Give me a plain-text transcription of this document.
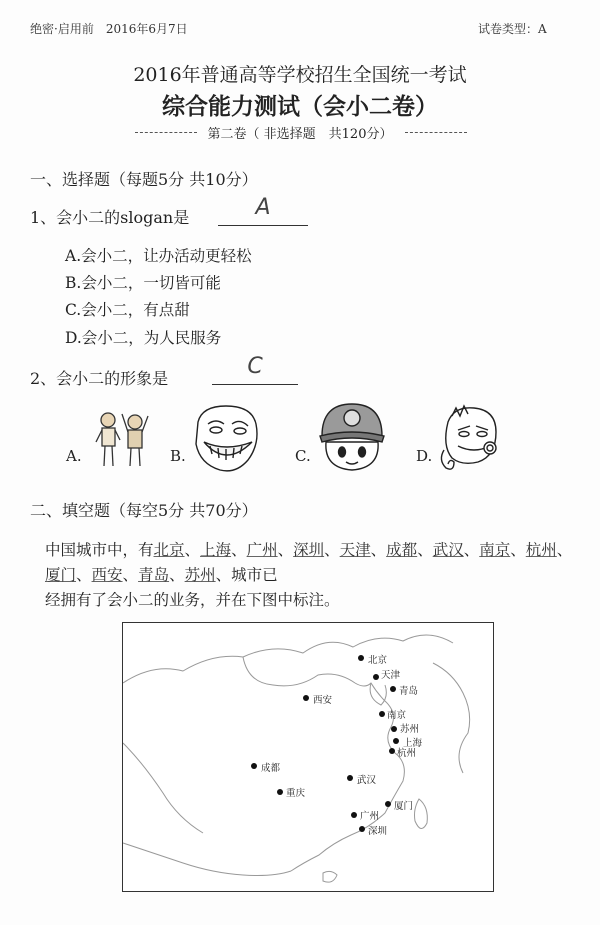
绝密·启用前　2016年6月7日	试卷类型：A
2016年普通高等学校招生全国统一考试
综合能力测试（会小二卷）
第二卷（ 非选择题　共120分）
一、选择题（每题5分 共10分）
1、会小二的slogan是	A
A.会小二，让办活动更轻松
B.会小二，一切皆可能
C.会小二，有点甜
D.会小二，为人民服务
2、会小二的形象是	C
A.	B.	C.	D.
二、填空题（每空5分 共70分）
中国城市中，有北京、上海、广州、深圳、天津、成都、武汉、南京、杭州、厦门、西安、青岛、苏州、城市已
经拥有了会小二的业务，并在下图中标注。
北京
天津
青岛
西安
南京
苏州
上海
杭州
成都
武汉
重庆
厦门
广州
深圳
